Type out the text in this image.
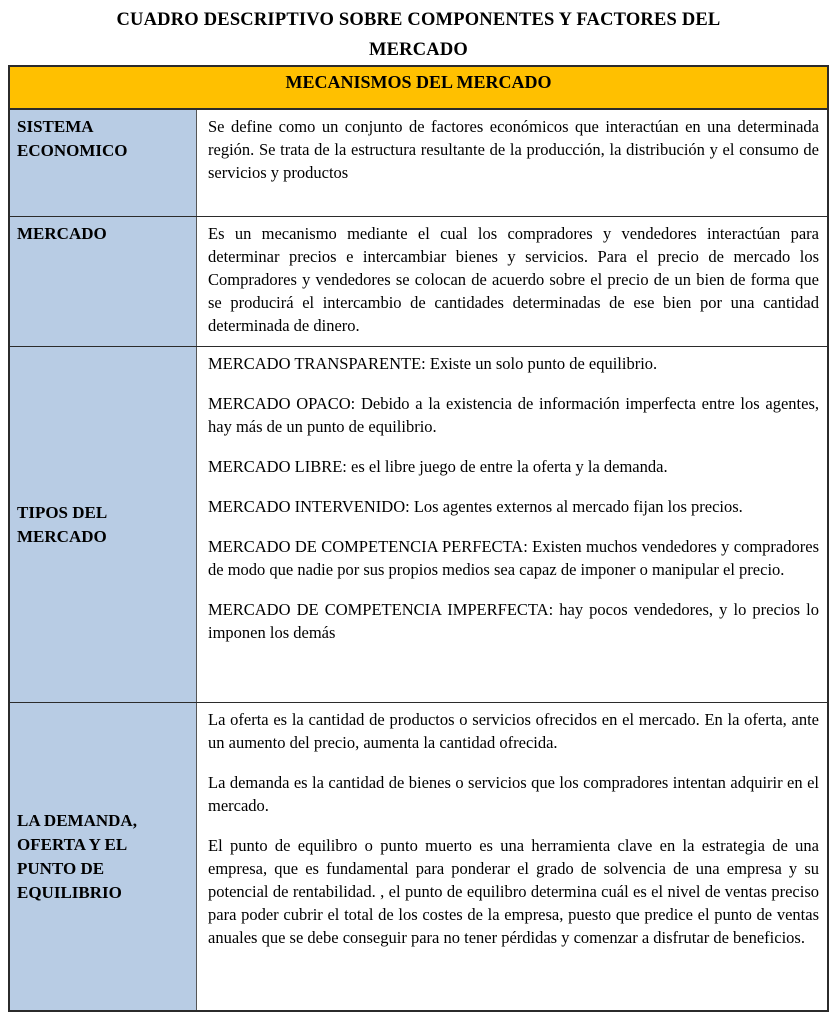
CUADRO DESCRIPTIVO SOBRE COMPONENTES Y FACTORES DEL
MERCADO
MECANISMOS DEL MERCADO
SISTEMA ECONOMICO

Se define como un conjunto de factores económicos que interactúan en una determinada región. Se trata de la estructura resultante de la producción, la distribución y el consumo de servicios y productos

MERCADO	Es un mecanismo mediante el cual los compradores y vendedores interactúan para determinar precios e intercambiar bienes y servicios. Para el precio de mercado los Compradores y vendedores se colocan de acuerdo sobre el precio de un bien de forma que se producirá el intercambio de cantidades determinadas de ese bien por una cantidad determinada de dinero.

TIPOS DEL MERCADO

MERCADO TRANSPARENTE: Existe un solo punto de equilibrio.

MERCADO OPACO: Debido a la existencia de información imperfecta entre los agentes, hay más de un punto de equilibrio.

MERCADO LIBRE: es el libre juego de entre la oferta y la demanda.

MERCADO INTERVENIDO: Los agentes externos al mercado fijan los precios.

MERCADO DE COMPETENCIA PERFECTA: Existen muchos vendedores y compradores de modo que nadie por sus propios medios sea capaz de imponer o manipular el precio.

MERCADO DE COMPETENCIA IMPERFECTA: hay pocos vendedores, y lo precios lo imponen los demás

LA DEMANDA, OFERTA Y EL PUNTO DE EQUILIBRIO

La oferta es la cantidad de productos o servicios ofrecidos en el mercado. En la oferta, ante un aumento del precio, aumenta la cantidad ofrecida.

La demanda es la cantidad de bienes o servicios que los compradores intentan adquirir en el mercado.

El punto de equilibro o punto muerto es una herramienta clave en la estrategia de una empresa, que es fundamental para ponderar el grado de solvencia de una empresa y su potencial de rentabilidad. , el punto de equilibro determina cuál es el nivel de ventas preciso para poder cubrir el total de los costes de la empresa, puesto que predice el punto de ventas anuales que se debe conseguir para no tener pérdidas y comenzar a disfrutar de beneficios.
